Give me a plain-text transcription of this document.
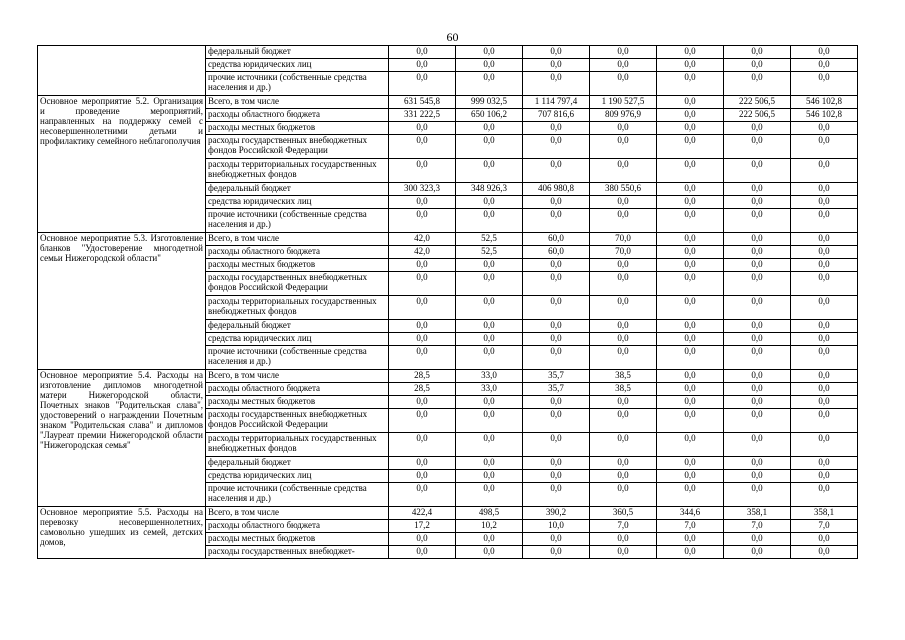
60
	федеральный бюджет	0,0	0,0	0,0	0,0	0,0	0,0	0,0
	средства юридических лиц	0,0	0,0	0,0	0,0	0,0	0,0	0,0
	прочие источники (собственные средства населения и др.)	0,0	0,0	0,0	0,0	0,0	0,0	0,0
Основное мероприятие 5.2. Организация и проведение мероприятий, направленных на поддержку семей с несовершеннолетними детьми и профилактику семейного неблагополучия	Всего, в том числе	631 545,8	999 032,5	1 114 797,4	1 190 527,5	0,0	222 506,5	546 102,8
	расходы областного бюджета	331 222,5	650 106,2	707 816,6	809 976,9	0,0	222 506,5	546 102,8
	расходы местных бюджетов	0,0	0,0	0,0	0,0	0,0	0,0	0,0
	расходы государственных внебюджетных фондов Российской Федерации	0,0	0,0	0,0	0,0	0,0	0,0	0,0
	расходы территориальных государственных внебюджетных фондов	0,0	0,0	0,0	0,0	0,0	0,0	0,0
	федеральный бюджет	300 323,3	348 926,3	406 980,8	380 550,6	0,0	0,0	0,0
	средства юридических лиц	0,0	0,0	0,0	0,0	0,0	0,0	0,0
	прочие источники (собственные средства населения и др.)	0,0	0,0	0,0	0,0	0,0	0,0	0,0
Основное мероприятие 5.3. Изготовление бланков "Удостоверение многодетной семьи Нижегородской области"	Всего, в том числе	42,0	52,5	60,0	70,0	0,0	0,0	0,0
	расходы областного бюджета	42,0	52,5	60,0	70,0	0,0	0,0	0,0
	расходы местных бюджетов	0,0	0,0	0,0	0,0	0,0	0,0	0,0
	расходы государственных внебюджетных фондов Российской Федерации	0,0	0,0	0,0	0,0	0,0	0,0	0,0
	расходы территориальных государственных внебюджетных фондов	0,0	0,0	0,0	0,0	0,0	0,0	0,0
	федеральный бюджет	0,0	0,0	0,0	0,0	0,0	0,0	0,0
	средства юридических лиц	0,0	0,0	0,0	0,0	0,0	0,0	0,0
	прочие источники (собственные средства населения и др.)	0,0	0,0	0,0	0,0	0,0	0,0	0,0
Основное мероприятие 5.4. Расходы на изготовление дипломов многодетной матери Нижегородской области, Почетных знаков "Родительская слава", удостоверений о награждении Почетным знаком "Родительская слава" и дипломов "Лауреат премии Нижегородской области "Нижегородская семья"	Всего, в том числе	28,5	33,0	35,7	38,5	0,0	0,0	0,0
	расходы областного бюджета	28,5	33,0	35,7	38,5	0,0	0,0	0,0
	расходы местных бюджетов	0,0	0,0	0,0	0,0	0,0	0,0	0,0
	расходы государственных внебюджетных фондов Российской Федерации	0,0	0,0	0,0	0,0	0,0	0,0	0,0
	расходы территориальных государственных внебюджетных фондов	0,0	0,0	0,0	0,0	0,0	0,0	0,0
	федеральный бюджет	0,0	0,0	0,0	0,0	0,0	0,0	0,0
	средства юридических лиц	0,0	0,0	0,0	0,0	0,0	0,0	0,0
	прочие источники (собственные средства населения и др.)	0,0	0,0	0,0	0,0	0,0	0,0	0,0
Основное мероприятие 5.5. Расходы на перевозку несовершеннолетних, самовольно ушедших из семей, детских домов,	Всего, в том числе	422,4	498,5	390,2	360,5	344,6	358,1	358,1
	расходы областного бюджета	17,2	10,2	10,0	7,0	7,0	7,0	7,0
	расходы местных бюджетов	0,0	0,0	0,0	0,0	0,0	0,0	0,0
	расходы государственных внебюджет-	0,0	0,0	0,0	0,0	0,0	0,0	0,0
